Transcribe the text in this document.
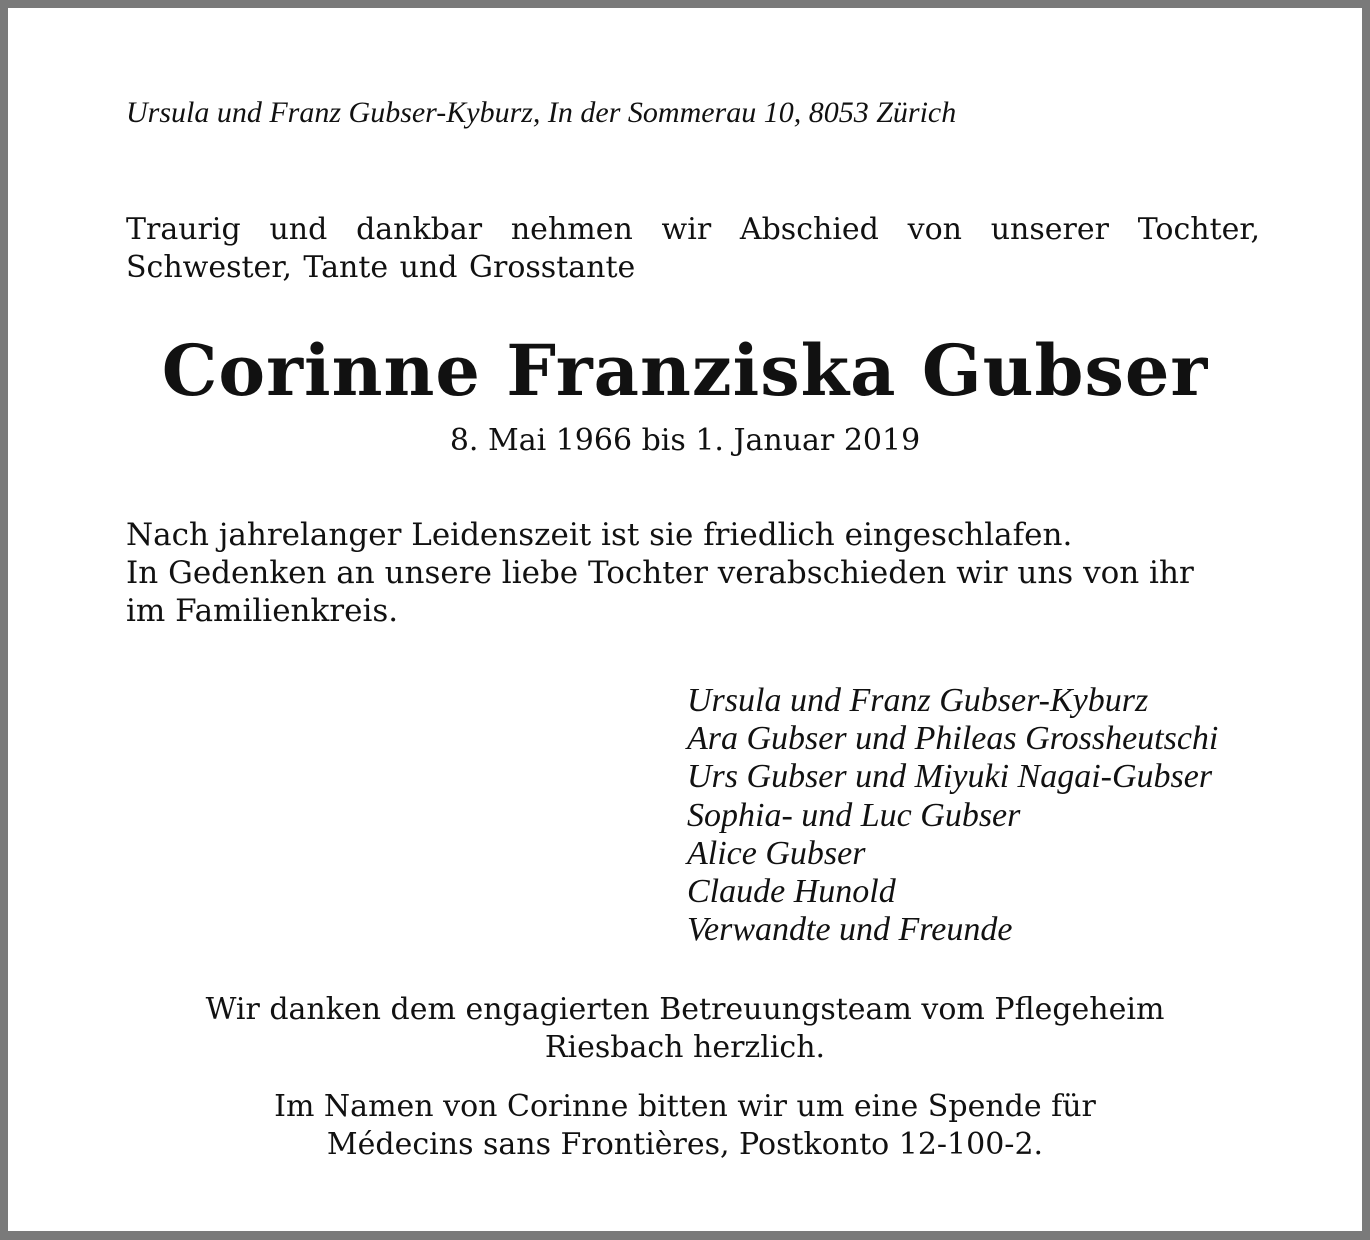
Ursula und Franz Gubser-Kyburz, In der Sommerau 10, 8053 Zürich
Traurig und dankbar nehmen wir Abschied von unserer Tochter, Schwester, Tante und Grosstante
Corinne Franziska Gubser
8. Mai 1966 bis 1. Januar 2019
Nach jahrelanger Leidenszeit ist sie friedlich eingeschlafen.
In Gedenken an unsere liebe Tochter verabschieden wir uns von ihr
im Familienkreis.
Ursula und Franz Gubser-Kyburz
Ara Gubser und Phileas Grossheutschi
Urs Gubser und Miyuki Nagai-Gubser
Sophia- und Luc Gubser
Alice Gubser
Claude Hunold
Verwandte und Freunde
Wir danken dem engagierten Betreuungsteam vom Pflegeheim
Riesbach herzlich.
Im Namen von Corinne bitten wir um eine Spende für
Médecins sans Frontières, Postkonto 12-100-2.
